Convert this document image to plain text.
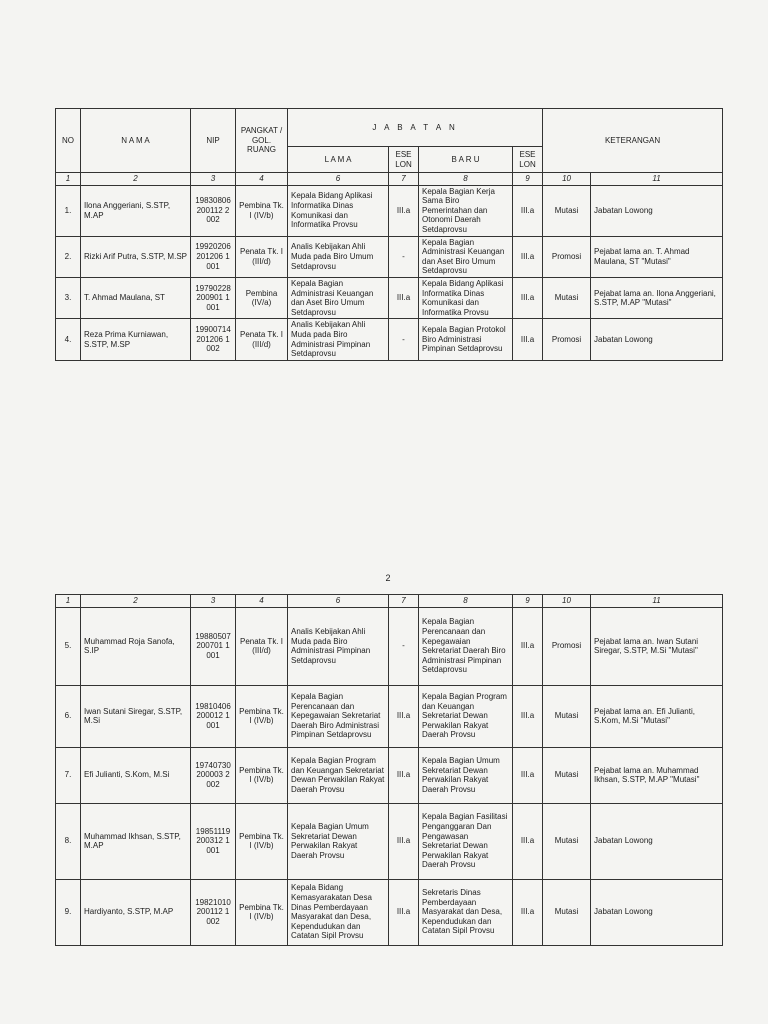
NO	N A M A	NIP	PANGKAT / GOL. RUANG	J A B A T A N				KETERANGAN	
				L A M A	ESE LON	B A R U	ESE LON		
1	2	3	4	6	7	8	9	10	11
1.	Ilona Anggeriani, S.STP, M.AP	19830806 200112 2 002	Pembina Tk. I (IV/b)	Kepala Bidang Aplikasi Informatika Dinas Komunikasi dan Informatika Provsu	III.a	Kepala Bagian Kerja Sama Biro Pemerintahan dan Otonomi Daerah Setdaprovsu	III.a	Mutasi	Jabatan Lowong
2.	Rizki Arif Putra, S.STP, M.SP	19920206 201206 1 001	Penata Tk. I (III/d)	Analis Kebijakan Ahli Muda pada Biro Umum Setdaprovsu	-	Kepala Bagian Administrasi Keuangan dan Aset Biro Umum Setdaprovsu	III.a	Promosi	Pejabat lama an. T. Ahmad Maulana, ST "Mutasi"
3.	T. Ahmad Maulana, ST	19790228 200901 1 001	Pembina (IV/a)	Kepala Bagian Administrasi Keuangan dan Aset Biro Umum Setdaprovsu	III.a	Kepala Bidang Aplikasi Informatika Dinas Komunikasi dan Informatika Provsu	III.a	Mutasi	Pejabat lama an. Ilona Anggeriani, S.STP, M.AP "Mutasi"
4.	Reza Prima Kurniawan, S.STP, M.SP	19900714 201206 1 002	Penata Tk. I (III/d)	Analis Kebijakan Ahli Muda pada Biro Administrasi Pimpinan Setdaprovsu	-	Kepala Bagian Protokol Biro Administrasi Pimpinan Setdaprovsu	III.a	Promosi	Jabatan Lowong
2
1	2	3	4	6	7	8	9	10	11
5.	Muhammad Roja Sanofa, S.IP	19880507 200701 1 001	Penata Tk. I (III/d)	Analis Kebijakan Ahli Muda pada Biro Administrasi Pimpinan Setdaprovsu	-	Kepala Bagian Perencanaan dan Kepegawaian Sekretariat Daerah Biro Administrasi Pimpinan Setdaprovsu	III.a	Promosi	Pejabat lama an. Iwan Sutani Siregar, S.STP, M.Si "Mutasi"
6.	Iwan Sutani Siregar, S.STP, M.Si	19810406 200012 1 001	Pembina Tk. I (IV/b)	Kepala Bagian Perencanaan dan Kepegawaian Sekretariat Daerah Biro Administrasi Pimpinan Setdaprovsu	III.a	Kepala Bagian Program dan Keuangan Sekretariat Dewan Perwakilan Rakyat Daerah Provsu	III.a	Mutasi	Pejabat lama an. Efi Julianti, S.Kom, M.Si "Mutasi"
7.	Efi Julianti, S.Kom, M.Si	19740730 200003 2 002	Pembina Tk. I (IV/b)	Kepala Bagian Program dan Keuangan Sekretariat Dewan Perwakilan Rakyat Daerah Provsu	III.a	Kepala Bagian Umum Sekretariat Dewan Perwakilan Rakyat Daerah Provsu	III.a	Mutasi	Pejabat lama an. Muhammad Ikhsan, S.STP, M.AP "Mutasi"
8.	Muhammad Ikhsan, S.STP, M.AP	19851119 200312 1 001	Pembina Tk. I (IV/b)	Kepala Bagian Umum Sekretariat Dewan Perwakilan Rakyat Daerah Provsu	III.a	Kepala Bagian Fasilitasi Penganggaran Dan Pengawasan Sekretariat Dewan Perwakilan Rakyat Daerah Provsu	III.a	Mutasi	Jabatan Lowong
9.	Hardiyanto, S.STP, M.AP	19821010 200112 1 002	Pembina Tk. I (IV/b)	Kepala Bidang Kemasyarakatan Desa Dinas Pemberdayaan Masyarakat dan Desa, Kependudukan dan Catatan Sipil Provsu	III.a	Sekretaris Dinas Pemberdayaan Masyarakat dan Desa, Kependudukan dan Catatan Sipil Provsu	III.a	Mutasi	Jabatan Lowong
